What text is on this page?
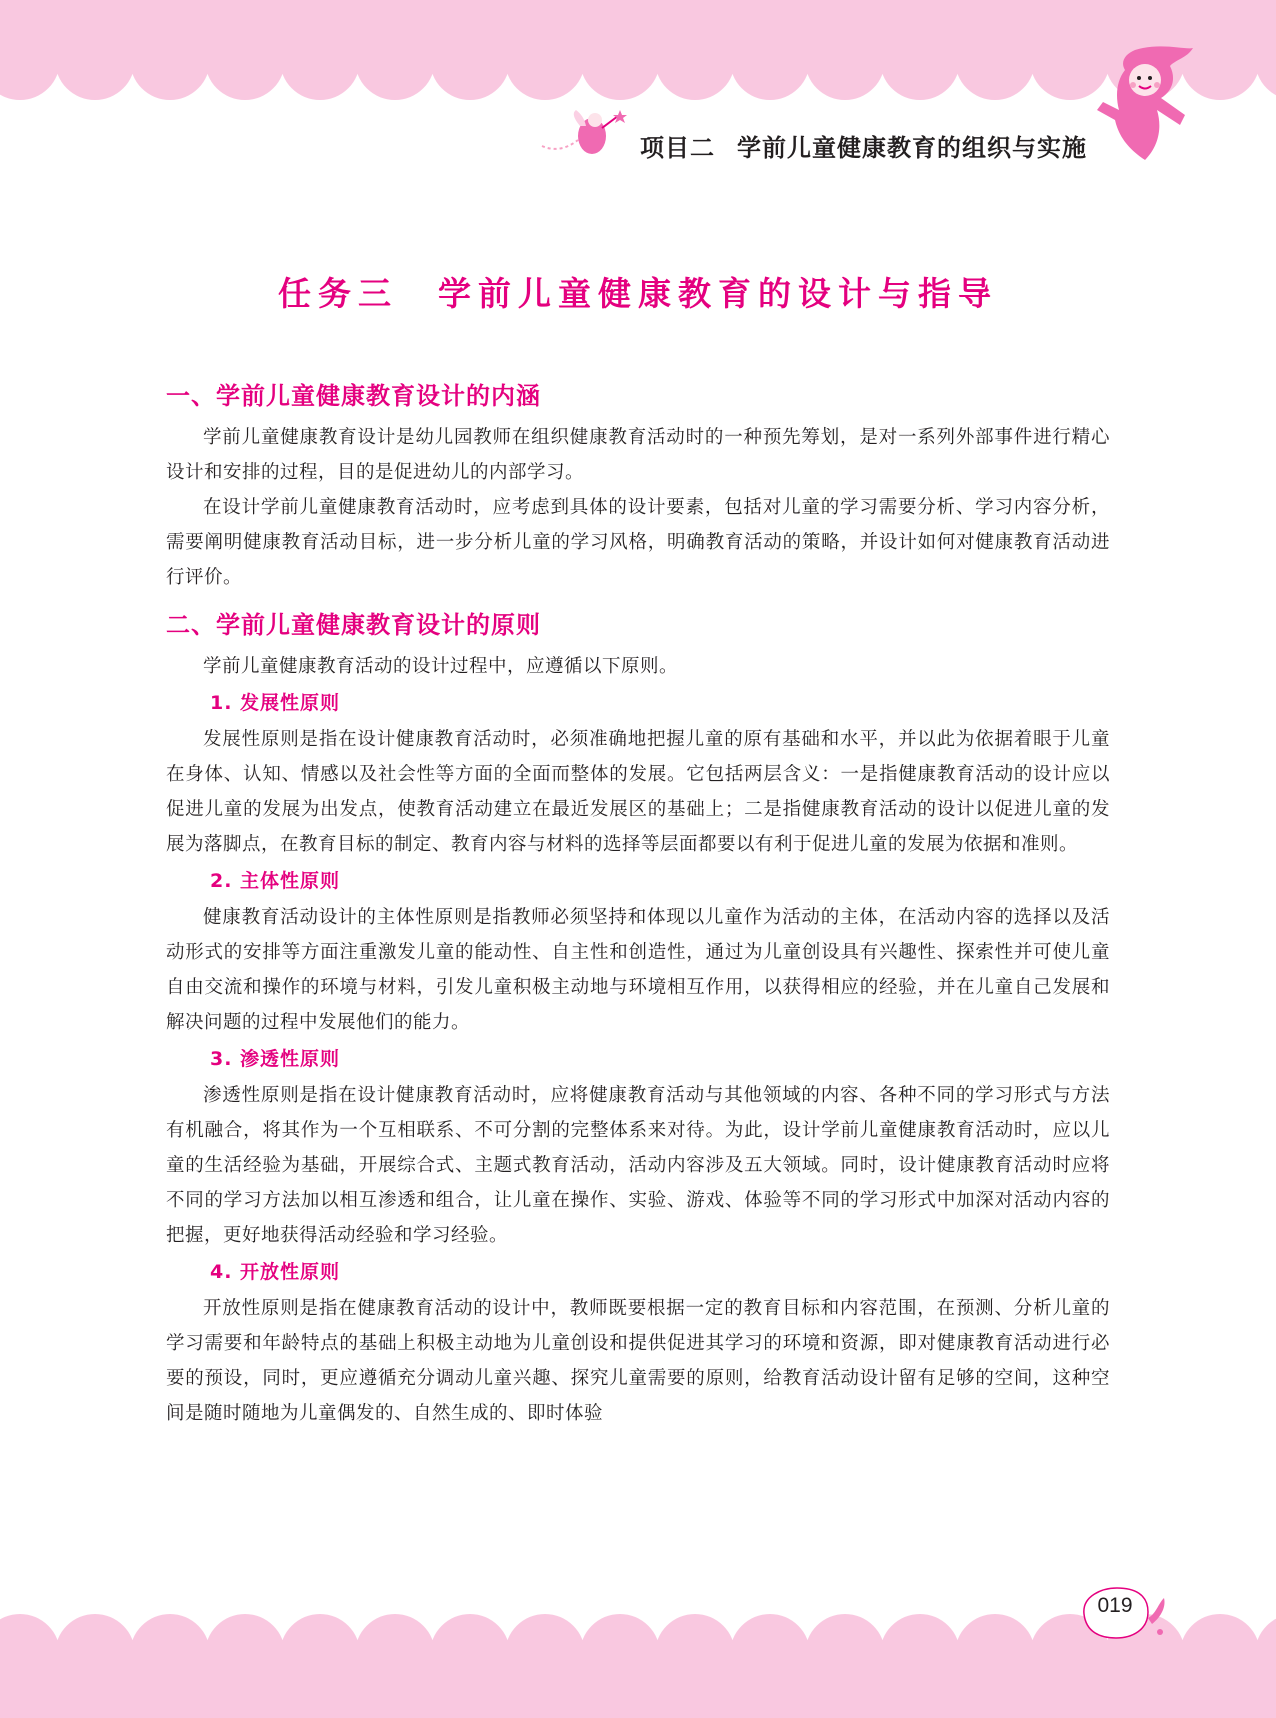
项目二 学前儿童健康教育的组织与实施
任务三 学前儿童健康教育的设计与指导
一、学前儿童健康教育设计的内涵

学前儿童健康教育设计是幼儿园教师在组织健康教育活动时的一种预先筹划，是对一系列外部事件进行精心设计和安排的过程，目的是促进幼儿的内部学习。

在设计学前儿童健康教育活动时，应考虑到具体的设计要素，包括对儿童的学习需要分析、学习内容分析，需要阐明健康教育活动目标，进一步分析儿童的学习风格，明确教育活动的策略，并设计如何对健康教育活动进行评价。

二、学前儿童健康教育设计的原则

学前儿童健康教育活动的设计过程中，应遵循以下原则。

1. 发展性原则

发展性原则是指在设计健康教育活动时，必须准确地把握儿童的原有基础和水平，并以此为依据着眼于儿童在身体、认知、情感以及社会性等方面的全面而整体的发展。它包括两层含义：一是指健康教育活动的设计应以促进儿童的发展为出发点，使教育活动建立在最近发展区的基础上；二是指健康教育活动的设计以促进儿童的发展为落脚点，在教育目标的制定、教育内容与材料的选择等层面都要以有利于促进儿童的发展为依据和准则。

2. 主体性原则

健康教育活动设计的主体性原则是指教师必须坚持和体现以儿童作为活动的主体，在活动内容的选择以及活动形式的安排等方面注重激发儿童的能动性、自主性和创造性，通过为儿童创设具有兴趣性、探索性并可使儿童自由交流和操作的环境与材料，引发儿童积极主动地与环境相互作用，以获得相应的经验，并在儿童自己发展和解决问题的过程中发展他们的能力。

3. 渗透性原则

渗透性原则是指在设计健康教育活动时，应将健康教育活动与其他领域的内容、各种不同的学习形式与方法有机融合，将其作为一个互相联系、不可分割的完整体系来对待。为此，设计学前儿童健康教育活动时，应以儿童的生活经验为基础，开展综合式、主题式教育活动，活动内容涉及五大领域。同时，设计健康教育活动时应将不同的学习方法加以相互渗透和组合，让儿童在操作、实验、游戏、体验等不同的学习形式中加深对活动内容的把握，更好地获得活动经验和学习经验。

4. 开放性原则

开放性原则是指在健康教育活动的设计中，教师既要根据一定的教育目标和内容范围，在预测、分析儿童的学习需要和年龄特点的基础上积极主动地为儿童创设和提供促进其学习的环境和资源，即对健康教育活动进行必要的预设，同时，更应遵循充分调动儿童兴趣、探究儿童需要的原则，给教育活动设计留有足够的空间，这种空间是随时随地为儿童偶发的、自然生成的、即时体验

019
